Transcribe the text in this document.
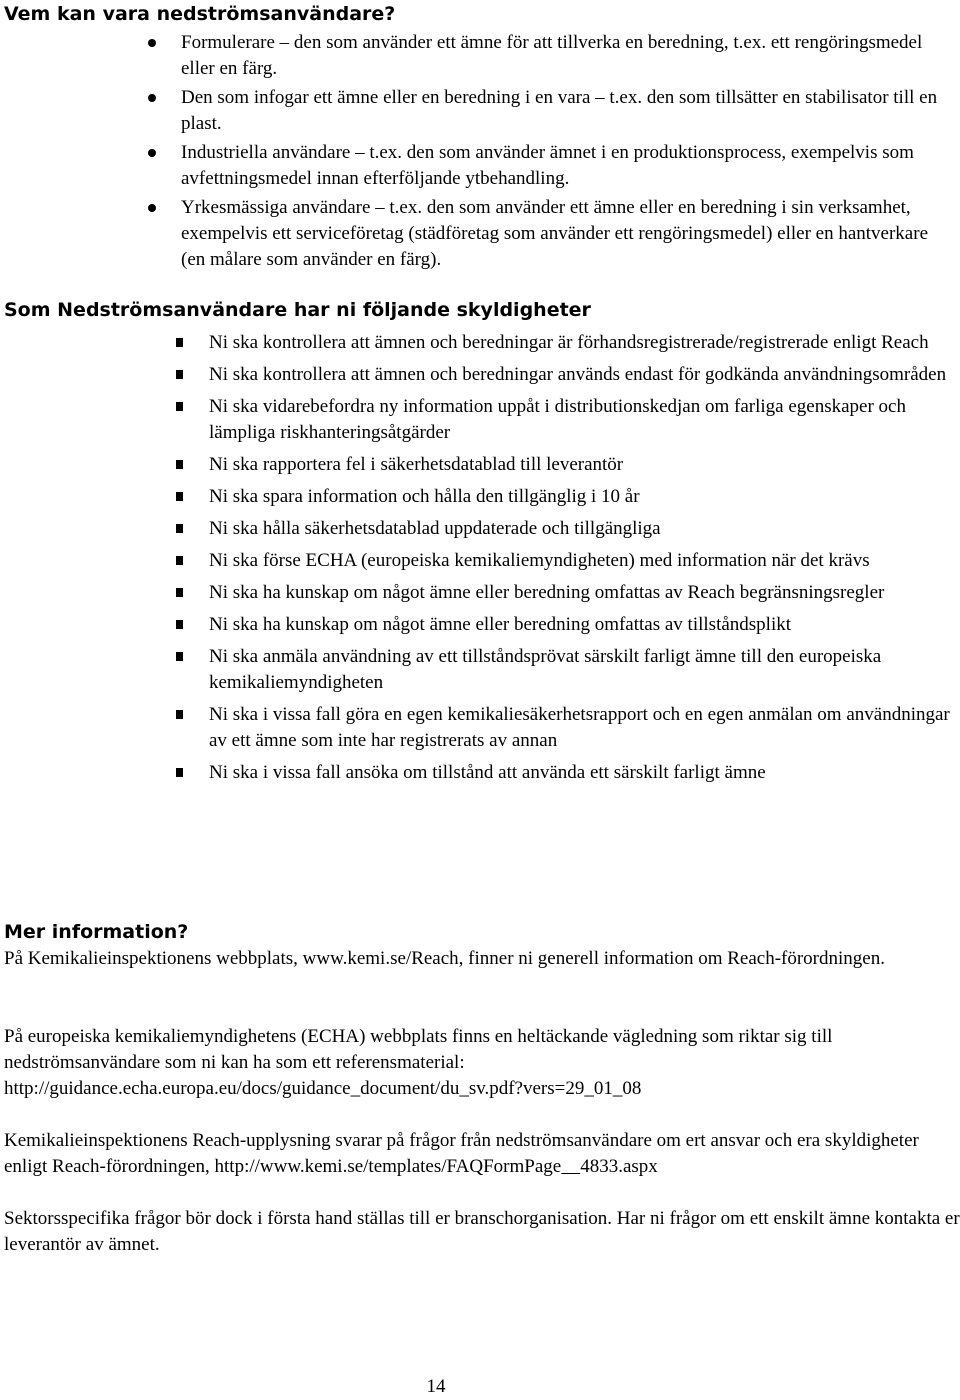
Vem kan vara nedströmsanvändare?
Formulerare – den som använder ett ämne för att tillverka en beredning, t.ex. ett rengöringsmedel eller en färg.
Den som infogar ett ämne eller en beredning i en vara – t.ex. den som tillsätter en stabilisator till en plast.
Industriella användare – t.ex. den som använder ämnet i en produktionsprocess, exempelvis som avfettningsmedel innan efterföljande ytbehandling.
Yrkesmässiga användare – t.ex. den som använder ett ämne eller en beredning i sin verksamhet, exempelvis ett serviceföretag (städföretag som använder ett rengöringsmedel) eller en hantverkare (en målare som använder en färg).
Som Nedströmsanvändare har ni följande skyldigheter
Ni ska kontrollera att ämnen och beredningar är förhandsregistrerade/registrerade enligt Reach
Ni ska kontrollera att ämnen och beredningar används endast för godkända användningsområden
Ni ska vidarebefordra ny information uppåt i distributionskedjan om farliga egenskaper och lämpliga riskhanteringsåtgärder
Ni ska rapportera fel i säkerhetsdatablad till leverantör
Ni ska spara information och hålla den tillgänglig i 10 år
Ni ska hålla säkerhetsdatablad uppdaterade och tillgängliga
Ni ska förse ECHA (europeiska kemikaliemyndigheten) med information när det krävs
Ni ska ha kunskap om något ämne eller beredning omfattas av Reach begränsningsregler
Ni ska ha kunskap om något ämne eller beredning omfattas av tillståndsplikt
Ni ska anmäla användning av ett tillståndsprövat särskilt farligt ämne till den europeiska kemikaliemyndigheten
Ni ska i vissa fall göra en egen kemikaliesäkerhetsrapport och en egen anmälan om användningar av ett ämne som inte har registrerats av annan
Ni ska i vissa fall ansöka om tillstånd att använda ett särskilt farligt ämne
Mer information?

På Kemikalieinspektionens webbplats, www.kemi.se/Reach, finner ni generell information om Reach-förordningen.

På europeiska kemikaliemyndighetens (ECHA) webbplats finns en heltäckande vägledning som riktar sig till nedströmsanvändare som ni kan ha som ett referensmaterial: http://guidance.echa.europa.eu/docs/guidance_document/du_sv.pdf?vers=29_01_08

Kemikalieinspektionens Reach-upplysning svarar på frågor från nedströmsanvändare om ert ansvar och era skyldigheter enligt Reach-förordningen, http://www.kemi.se/templates/FAQFormPage 4833.aspx

Sektorsspecifika frågor bör dock i första hand ställas till er branschorganisation. Har ni frågor om ett enskilt ämne kontakta er leverantör av ämnet.

14
